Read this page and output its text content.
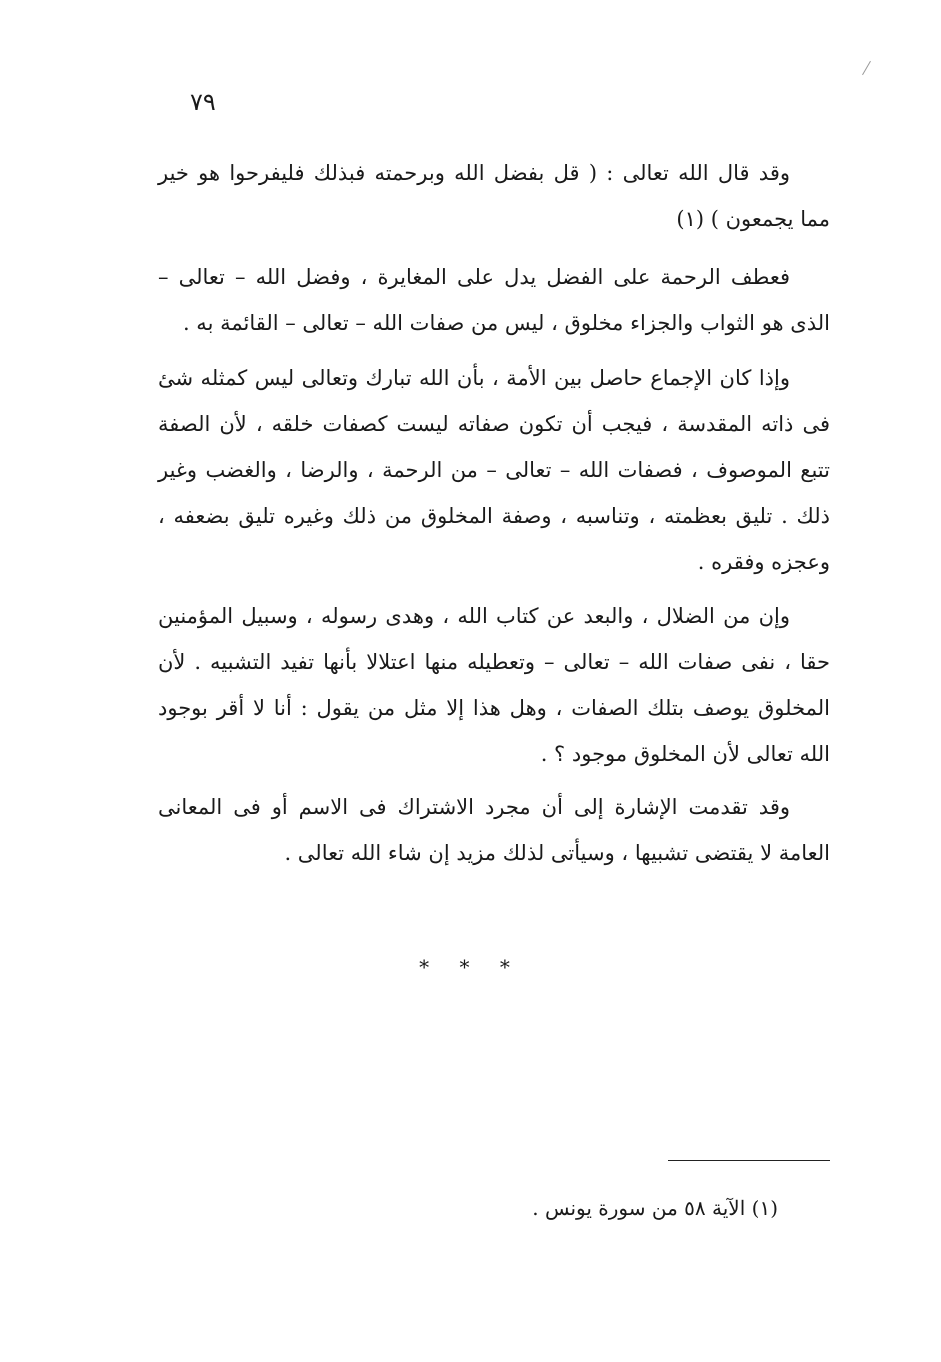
٧٩

وقد قال الله تعالى : ( قل بفضل الله وبرحمته فبذلك فليفرحوا هو خير مما يجمعون ) (١)

فعطف الرحمة على الفضل يدل على المغايرة ، وفضل الله – تعالى – الذى هو الثواب والجزاء مخلوق ، ليس من صفات الله – تعالى – القائمة به .

وإذا كان الإجماع حاصل بين الأمة ، بأن الله تبارك وتعالى ليس كمثله شئ فى ذاته المقدسة ، فيجب أن تكون صفاته ليست كصفات خلقه ، لأن الصفة تتبع الموصوف ، فصفات الله – تعالى – من الرحمة ، والرضا ، والغضب وغير ذلك . تليق بعظمته ، وتناسبه ، وصفة المخلوق من ذلك وغيره تليق بضعفه ، وعجزه وفقره .

وإن من الضلال ، والبعد عن كتاب الله ، وهدى رسوله ، وسبيل المؤمنين حقا ، نفى صفات الله – تعالى – وتعطيله منها اعتلالا بأنها تفيد التشبيه . لأن المخلوق يوصف بتلك الصفات ، وهل هذا إلا مثل من يقول : أنا لا أقر بوجود الله تعالى لأن المخلوق موجود ؟ .

وقد تقدمت الإشارة إلى أن مجرد الاشتراك فى الاسم أو فى المعانى العامة لا يقتضى تشبيها ، وسيأتى لذلك مزيد إن شاء الله تعالى .

* * *
(١) الآية ٥٨ من سورة يونس .
